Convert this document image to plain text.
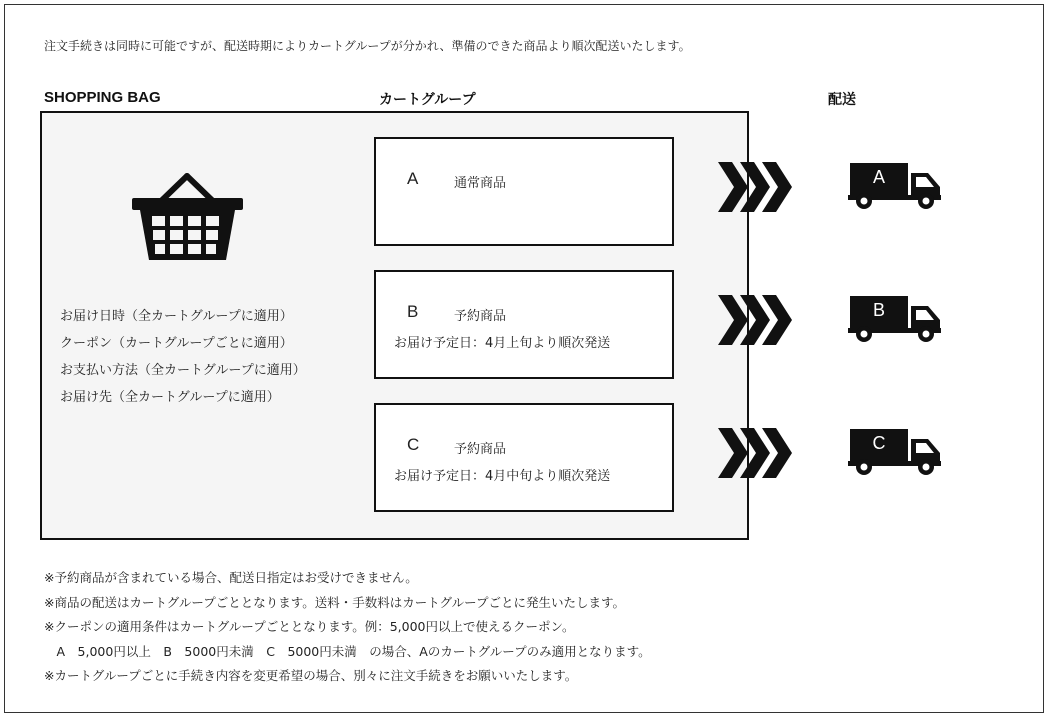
注文手続きは同時に可能ですが、配送時期によりカートグループが分かれ、準備のできた商品より順次配送いたします。
SHOPPING BAG	カートグループ	配送
お届け日時（全カートグループに適用）
クーポン（カートグループごとに適用）
お支払い方法（全カートグループに適用）
お届け先（全カートグループに適用）
A	通常商品
B	予約商品
お届け予定日：4月上旬より順次発送
C	予約商品
お届け予定日：4月中旬より順次発送
A
B
C
※予約商品が含まれている場合、配送日指定はお受けできません。
※商品の配送はカートグループごととなります。送料・手数料はカートグループごとに発生いたします。
※クーポンの適用条件はカートグループごととなります。例：5,000円以上で使えるクーポン。
　A　5,000円以上　B　5000円未満　C　5000円未満　の場合、Aのカートグループのみ適用となります。
※カートグループごとに手続き内容を変更希望の場合、別々に注文手続きをお願いいたします。
